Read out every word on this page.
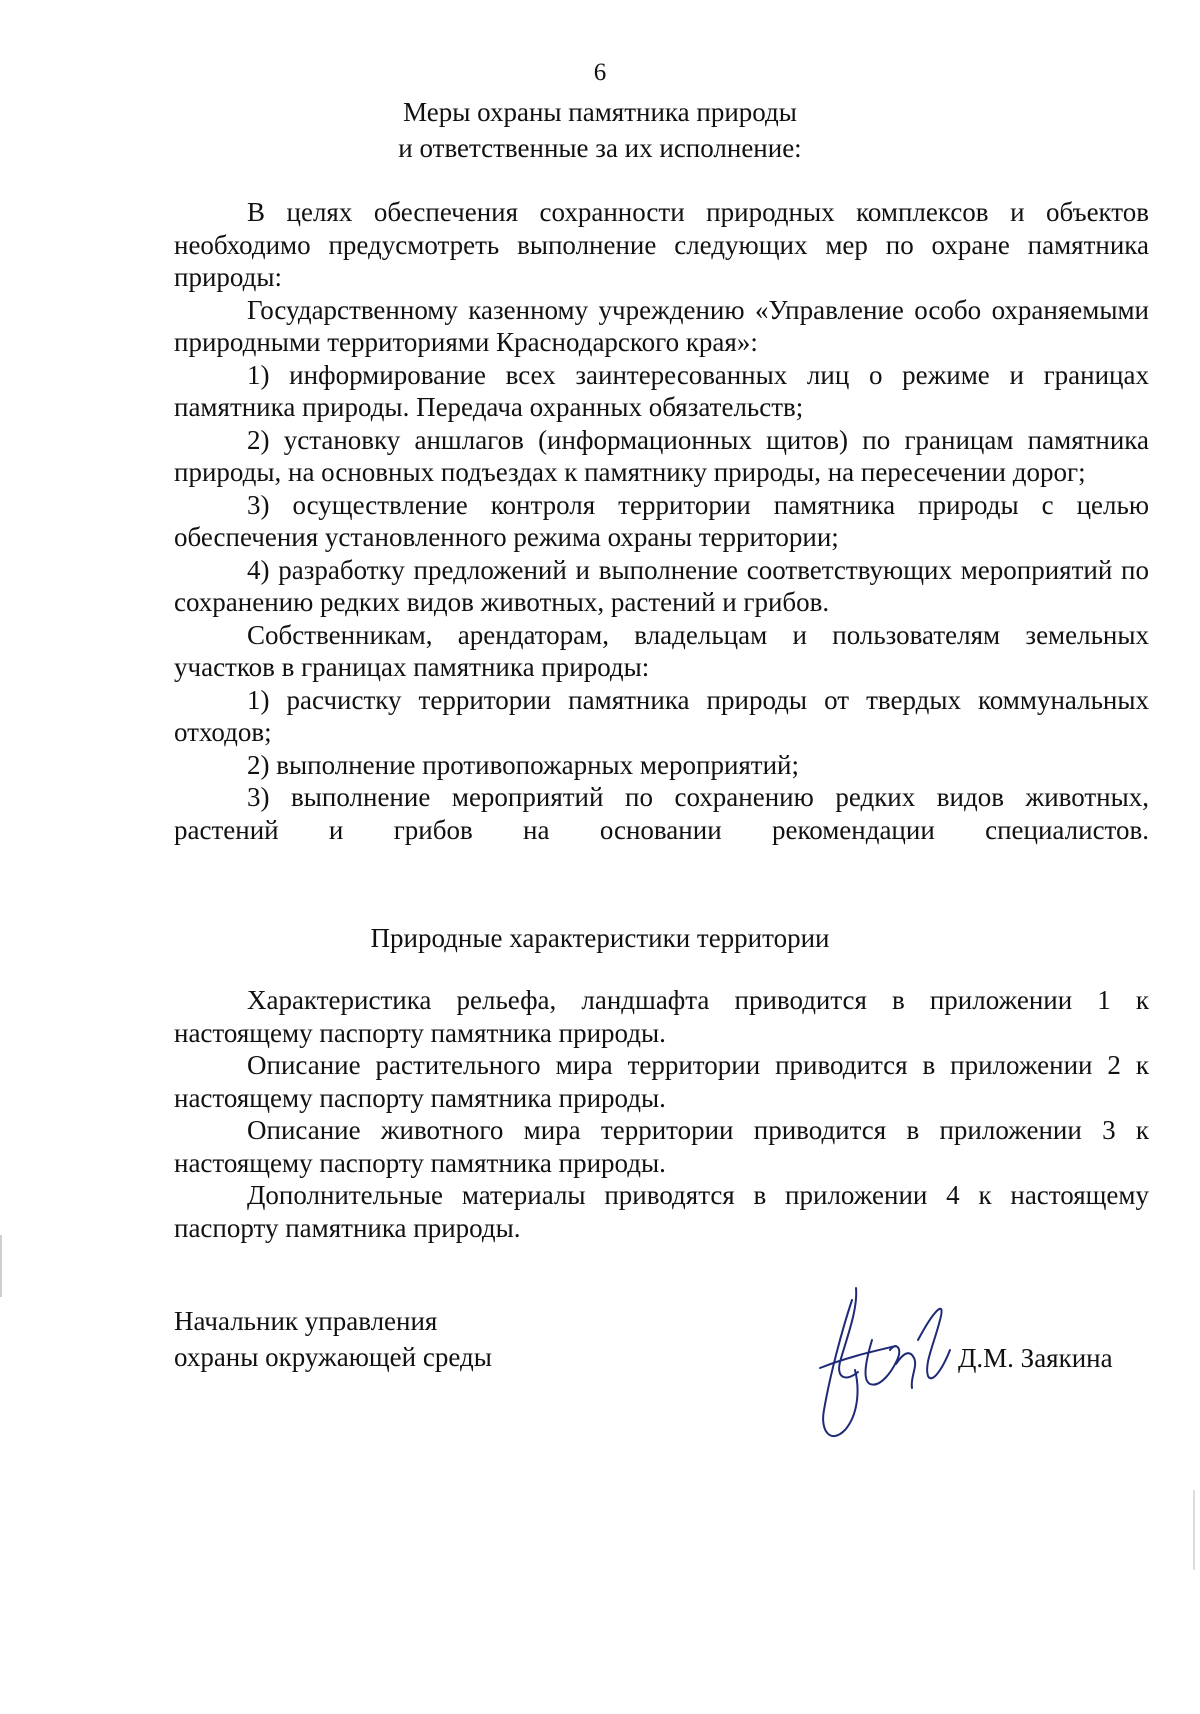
6
Меры охраны памятника природы
и ответственные за их исполнение:

В целях обеспечения сохранности природных комплексов и объектов необходимо предусмотреть выполнение следующих мер по охране памятника природы:

Государственному казенному учреждению «Управление особо охраняемыми природными территориями Краснодарского края»:

1) информирование всех заинтересованных лиц о режиме и границах памятника природы. Передача охранных обязательств;

2) установку аншлагов (информационных щитов) по границам памятника природы, на основных подъездах к памятнику природы, на пересечении дорог;

3) осуществление контроля территории памятника природы с целью обеспечения установленного режима охраны территории;

4) разработку предложений и выполнение соответствующих мероприятий по сохранению редких видов животных, растений и грибов.

Собственникам, арендаторам, владельцам и пользователям земельных участков в границах памятника природы:

1) расчистку территории памятника природы от твердых коммунальных отходов;

2) выполнение противопожарных мероприятий;

3) выполнение мероприятий по сохранению редких видов животных, растений и грибов на основании рекомендации специалистов.

Природные характеристики территории

Характеристика рельефа, ландшафта приводится в приложении 1 к настоящему паспорту памятника природы.

Описание растительного мира территории приводится в приложении 2 к настоящему паспорту памятника природы.

Описание животного мира территории приводится в приложении 3 к настоящему паспорту памятника природы.

Дополнительные материалы приводятся в приложении 4 к настоящему паспорту памятника природы.

Начальник управления
охраны окружающей среды	Д.М. Заякина
